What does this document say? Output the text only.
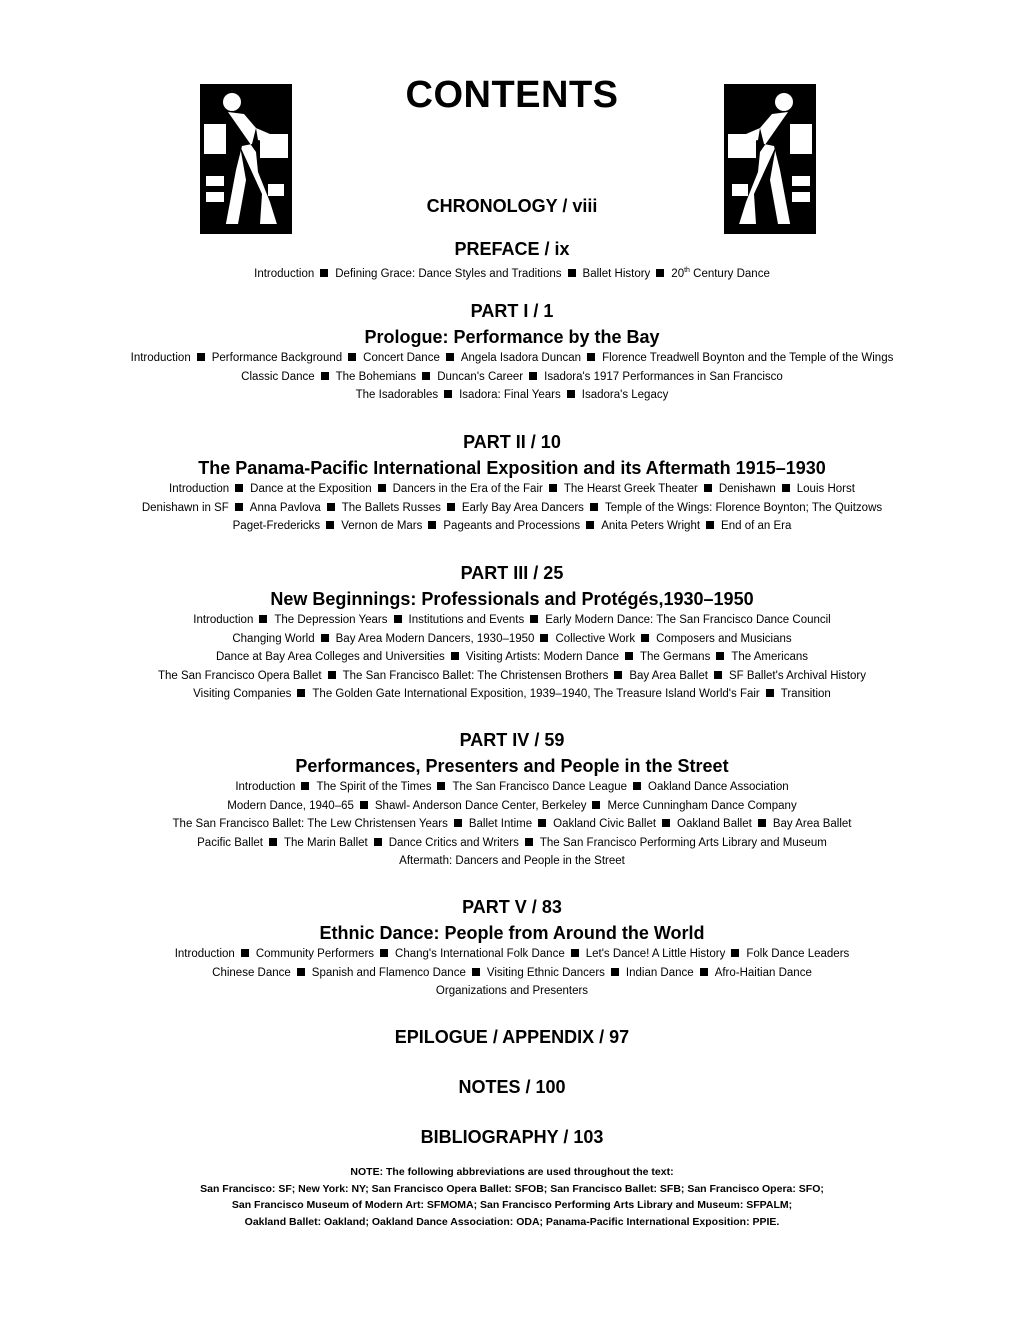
CONTENTS
CHRONOLOGY / viii
PREFACE / ix
Introduction Defining Grace: Dance Styles and Traditions Ballet History 20th Century Dance
PART I / 1
Prologue: Performance by the Bay
Introduction Performance Background Concert Dance Angela Isadora Duncan Florence Treadwell Boynton and the Temple of the Wings
Classic Dance The Bohemians Duncan's Career Isadora's 1917 Performances in San Francisco
The Isadorables Isadora: Final Years Isadora's Legacy
PART II / 10
The Panama-Pacific International Exposition and its Aftermath 1915–1930
Introduction Dance at the Exposition Dancers in the Era of the Fair The Hearst Greek Theater Denishawn Louis Horst
Denishawn in SF Anna Pavlova The Ballets Russes Early Bay Area Dancers Temple of the Wings: Florence Boynton; The Quitzows
Paget-Fredericks Vernon de Mars Pageants and Processions Anita Peters Wright End of an Era
PART III / 25
New Beginnings: Professionals and Protégés,1930–1950
Introduction The Depression Years Institutions and Events Early Modern Dance: The San Francisco Dance Council
Changing World Bay Area Modern Dancers, 1930–1950 Collective Work Composers and Musicians
Dance at Bay Area Colleges and Universities Visiting Artists: Modern Dance The Germans The Americans
The San Francisco Opera Ballet The San Francisco Ballet: The Christensen Brothers Bay Area Ballet SF Ballet's Archival History
Visiting Companies The Golden Gate International Exposition, 1939–1940, The Treasure Island World's Fair Transition
PART IV / 59
Performances, Presenters and People in the Street
Introduction The Spirit of the Times The San Francisco Dance League Oakland Dance Association
Modern Dance, 1940–65 Shawl- Anderson Dance Center, Berkeley Merce Cunningham Dance Company
The San Francisco Ballet: The Lew Christensen Years Ballet Intime Oakland Civic Ballet Oakland Ballet Bay Area Ballet
Pacific Ballet The Marin Ballet Dance Critics and Writers The San Francisco Performing Arts Library and Museum
Aftermath: Dancers and People in the Street
PART V / 83
Ethnic Dance: People from Around the World
Introduction Community Performers Chang's International Folk Dance Let's Dance! A Little History Folk Dance Leaders
Chinese Dance Spanish and Flamenco Dance Visiting Ethnic Dancers Indian Dance Afro-Haitian Dance
Organizations and Presenters
EPILOGUE / APPENDIX / 97
NOTES / 100
BIBLIOGRAPHY / 103
NOTE: The following abbreviations are used throughout the text:
San Francisco: SF; New York: NY; San Francisco Opera Ballet: SFOB; San Francisco Ballet: SFB; San Francisco Opera: SFO;
San Francisco Museum of Modern Art: SFMOMA; San Francisco Performing Arts Library and Museum: SFPALM;
Oakland Ballet: Oakland; Oakland Dance Association: ODA; Panama-Pacific International Exposition: PPIE.
